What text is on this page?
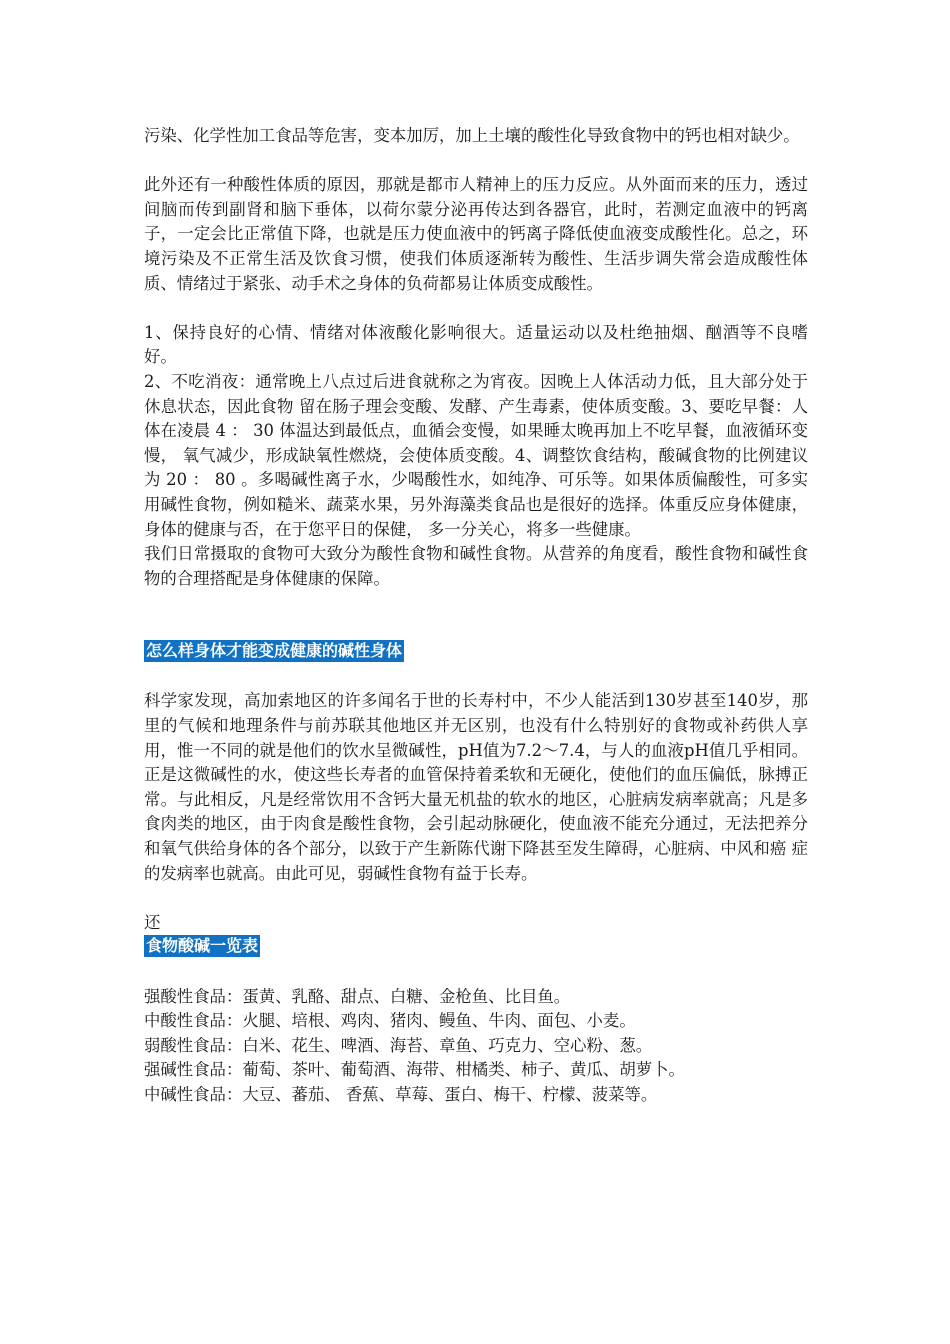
污染、化学性加工食品等危害，变本加厉，加上土壤的酸性化导致食物中的钙也相对缺少。

此外还有一种酸性体质的原因，那就是都市人精神上的压力反应。从外面而来的压力，透过间脑而传到副肾和脑下垂体，以荷尔蒙分泌再传达到各器官，此时，若测定血液中的钙离子，一定会比正常值下降，也就是压力使血液中的钙离子降低使血液变成酸性化。总之，环境污染及不正常生活及饮食习惯，使我们体质逐渐转为酸性、生活步调失常会造成酸性体质、情绪过于紧张、动手术之身体的负荷都易让体质变成酸性。

1、保持良好的心情、情绪对体液酸化影响很大。适量运动以及杜绝抽烟、酗酒等不良嗜好。

2、不吃消夜：通常晚上八点过后进食就称之为宵夜。因晚上人体活动力低，且大部分处于休息状态，因此食物 留在肠子理会变酸、发酵、产生毒素，使体质变酸。3、要吃早餐：人体在凌晨 4 ： 30 体温达到最低点，血循会变慢，如果睡太晚再加上不吃早餐，血液循环变慢， 氧气减少，形成缺氧性燃烧，会使体质变酸。4、调整饮食结构，酸碱食物的比例建议为 20 ： 80 。多喝碱性离子水，少喝酸性水，如纯净、可乐等。如果体质偏酸性，可多实用碱性食物，例如糙米、蔬菜水果，另外海藻类食品也是很好的选择。体重反应身体健康，身体的健康与否，在于您平日的保健， 多一分关心，将多一些健康。

我们日常摄取的食物可大致分为酸性食物和碱性食物。从营养的角度看，酸性食物和碱性食物的合理搭配是身体健康的保障。

怎么样身体才能变成健康的碱性身体

科学家发现，高加索地区的许多闻名于世的长寿村中，不少人能活到130岁甚至140岁，那里的气候和地理条件与前苏联其他地区并无区别，也没有什么特别好的食物或补药供人享用，惟一不同的就是他们的饮水呈微碱性，pH值为7.2～7.4，与人的血液pH值几乎相同。正是这微碱性的水，使这些长寿者的血管保持着柔软和无硬化，使他们的血压偏低，脉搏正常。与此相反，凡是经常饮用不含钙大量无机盐的软水的地区，心脏病发病率就高；凡是多食肉类的地区，由于肉食是酸性食物，会引起动脉硬化，使血液不能充分通过，无法把养分和氧气供给身体的各个部分，以致于产生新陈代谢下降甚至发生障碍，心脏病、中风和癌 症的发病率也就高。由此可见，弱碱性食物有益于长寿。

还

食物酸碱一览表

强酸性食品：蛋黄、乳酪、甜点、白糖、金枪鱼、比目鱼。

中酸性食品：火腿、培根、鸡肉、猪肉、鳗鱼、牛肉、面包、小麦。

弱酸性食品：白米、花生、啤酒、海苔、章鱼、巧克力、空心粉、葱。

强碱性食品：葡萄、茶叶、葡萄酒、海带、柑橘类、柿子、黄瓜、胡萝卜。

中碱性食品：大豆、蕃茄、 香蕉、草莓、蛋白、梅干、柠檬、菠菜等。
